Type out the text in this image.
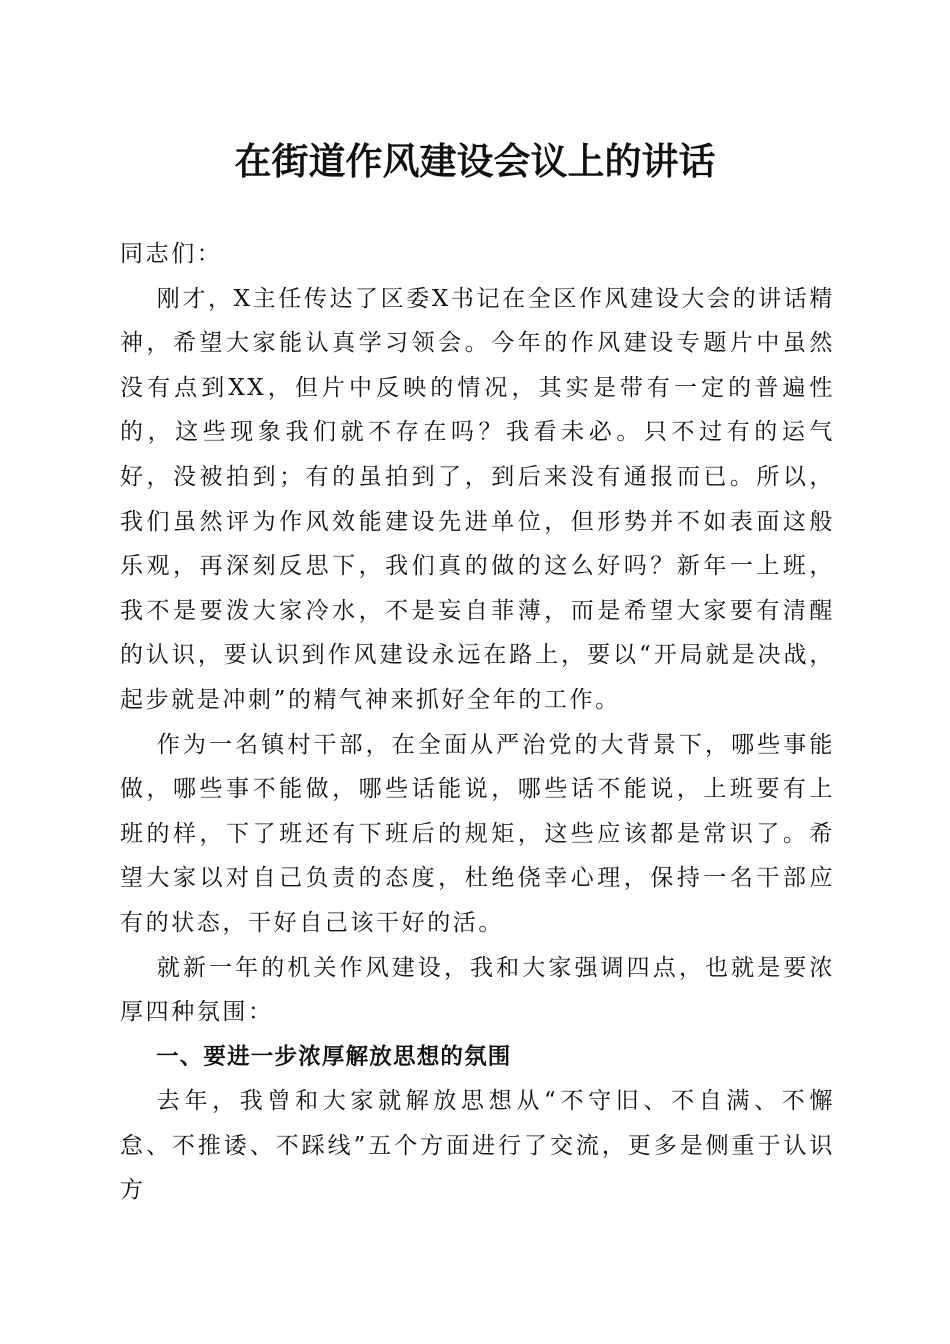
在街道作风建设会议上的讲话

同志们：

刚才，X主任传达了区委X书记在全区作风建设大会的讲话精神，希望大家能认真学习领会。今年的作风建设专题片中虽然没有点到XX，但片中反映的情况，其实是带有一定的普遍性的，这些现象我们就不存在吗？我看未必。只不过有的运气好，没被拍到；有的虽拍到了，到后来没有通报而已。所以，我们虽然评为作风效能建设先进单位，但形势并不如表面这般乐观，再深刻反思下，我们真的做的这么好吗？新年一上班，我不是要泼大家冷水，不是妄自菲薄，而是希望大家要有清醒的认识，要认识到作风建设永远在路上，要以“开局就是决战，起步就是冲刺”的精气神来抓好全年的工作。

作为一名镇村干部，在全面从严治党的大背景下，哪些事能做，哪些事不能做，哪些话能说，哪些话不能说，上班要有上班的样，下了班还有下班后的规矩，这些应该都是常识了。希望大家以对自己负责的态度，杜绝侥幸心理，保持一名干部应有的状态，干好自己该干好的活。

就新一年的机关作风建设，我和大家强调四点，也就是要浓厚四种氛围：

一、要进一步浓厚解放思想的氛围

去年，我曾和大家就解放思想从“不守旧、不自满、不懈怠、不推诿、不踩线”五个方面进行了交流，更多是侧重于认识方
